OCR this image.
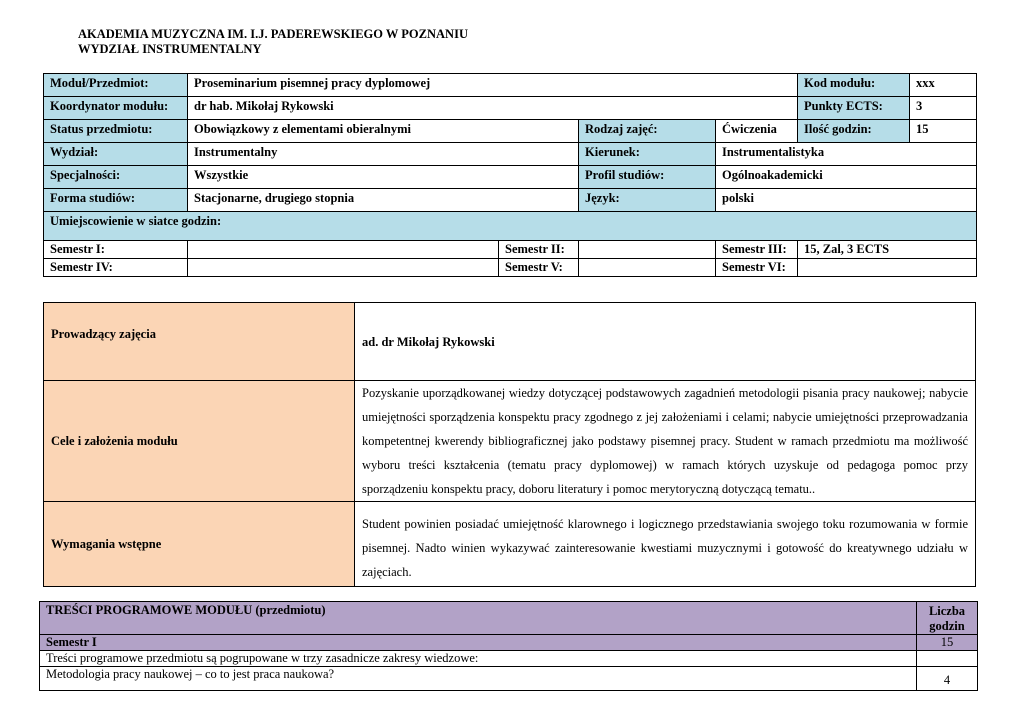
AKADEMIA MUZYCZNA IM. I.J. PADEREWSKIEGO W POZNANIU
WYDZIAŁ INSTRUMENTALNY
Moduł/Przedmiot:	Proseminarium pisemnej pracy dyplomowej				Kod modułu:	xxx
Koordynator modułu:	dr hab. Mikołaj Rykowski				Punkty ECTS:	3
Status przedmiotu:	Obowiązkowy z elementami obieralnymi		Rodzaj zajęć:	Ćwiczenia	Ilość godzin:	15
Wydział:	Instrumentalny		Kierunek:	Instrumentalistyka		
Specjalności:	Wszystkie		Profil studiów:	Ogólnoakademicki		
Forma studiów:	Stacjonarne, drugiego stopnia		Język:	polski		
Umiejscowienie w siatce godzin:						
Semestr I:		Semestr II:		Semestr III:	15, Zal, 3 ECTS	
Semestr IV:		Semestr V:		Semestr VI:		
Prowadzący zajęcia	ad. dr Mikołaj Rykowski
Cele i założenia modułu	Pozyskanie uporządkowanej wiedzy dotyczącej podstawowych zagadnień metodologii pisania pracy naukowej; nabycie umiejętności sporządzenia konspektu pracy zgodnego z jej założeniami i celami; nabycie umiejętności przeprowadzania kompetentnej kwerendy bibliograficznej jako podstawy pisemnej pracy. Student w ramach przedmiotu ma możliwość wyboru treści kształcenia (tematu pracy dyplomowej) w ramach których uzyskuje od pedagoga pomoc przy sporządzeniu konspektu pracy, doboru literatury i pomoc merytoryczną dotyczącą tematu..
Wymagania wstępne	Student powinien posiadać umiejętność klarownego i logicznego przedstawiania swojego toku rozumowania w formie pisemnej. Nadto winien wykazywać zainteresowanie kwestiami muzycznymi i gotowość do kreatywnego udziału w zajęciach.
TREŚCI PROGRAMOWE MODUŁU (przedmiotu)	Liczba godzin
Semestr I	15
Treści programowe przedmiotu są pogrupowane w trzy zasadnicze zakresy wiedzowe:	
Metodologia pracy naukowej – co to jest praca naukowa?	4
